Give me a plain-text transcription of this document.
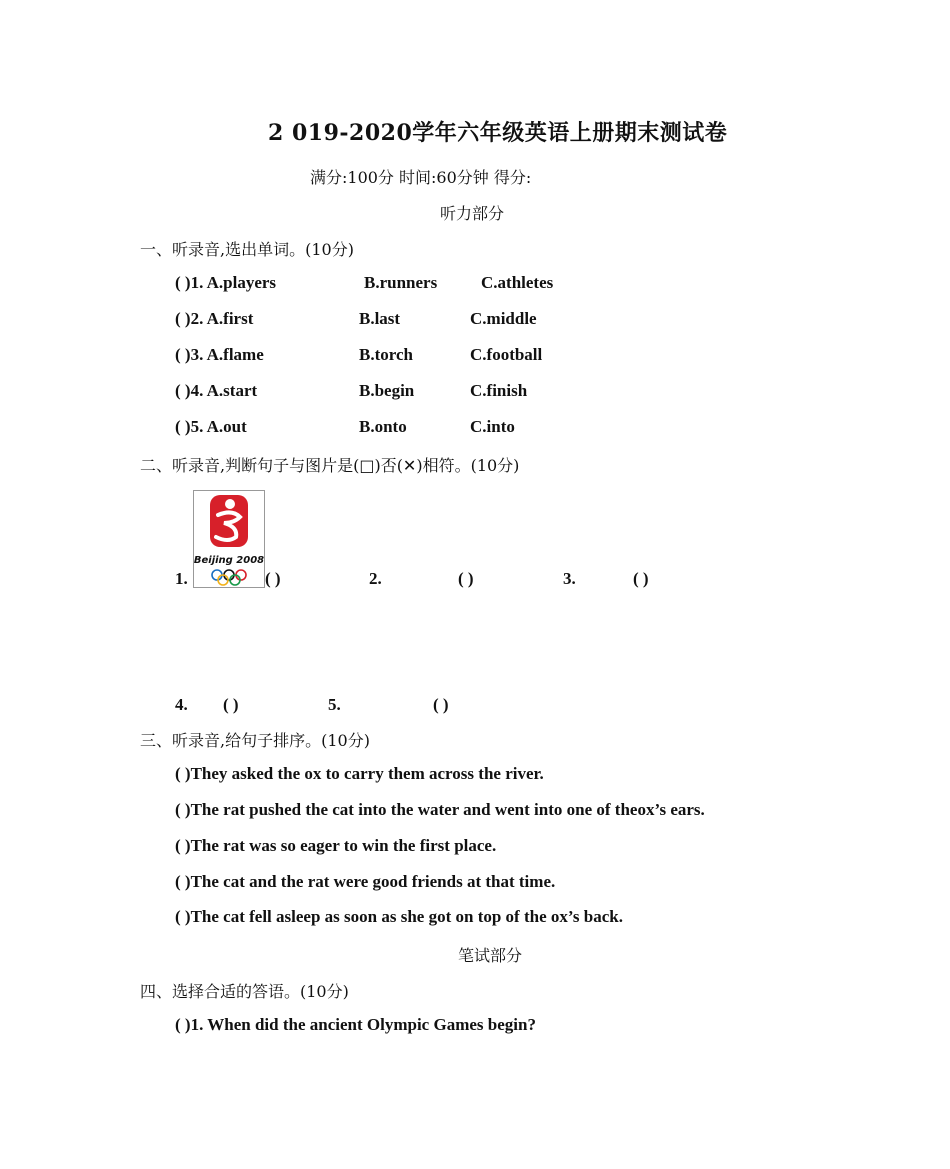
2 019-2020学年六年级英语上册期末测试卷
满分:100分 时间:60分钟 得分:
听力部分
一、听录音,选出单词。(10分)
( )1. A.players	B.runners	C.athletes
( )2. A.first	B.last	C.middle
( )3. A.flame	B.torch	C.football
( )4. A.start	B.begin	C.finish
( )5. A.out	B.onto	C.into
二、听录音,判断句子与图片是(□)否(✕)相符。(10分)
Beijing 2008
1.	( )	2.	( )	3.	( )
4. ( )	5.	( )
三、听录音,给句子排序。(10分)
( )They asked the ox to carry them across the river.
( )The rat pushed the cat into the water and went into one of theox’s ears.
( )The rat was so eager to win the first place.
( )The cat and the rat were good friends at that time.
( )The cat fell asleep as soon as she got on top of the ox’s back.
笔试部分
四、选择合适的答语。(10分)
( )1. When did the ancient Olympic Games begin?
